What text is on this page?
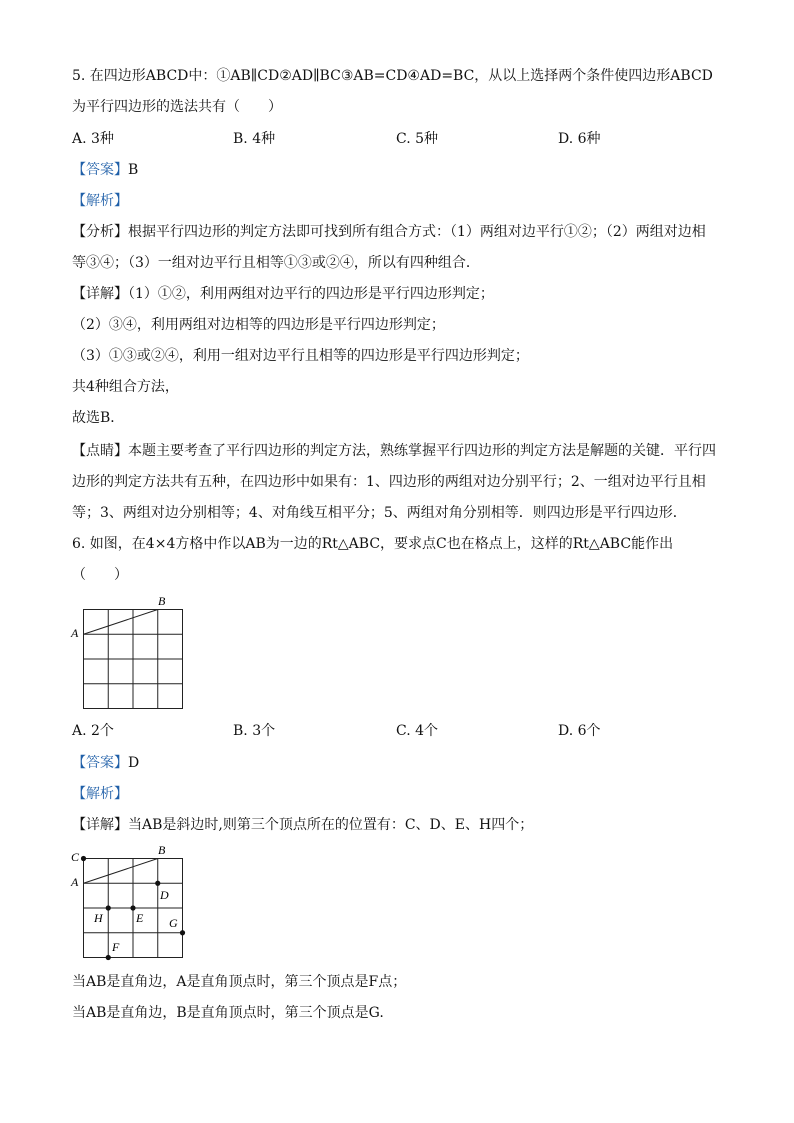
5. 在四边形ABCD中：①AB∥CD②AD∥BC③AB=CD④AD=BC，从以上选择两个条件使四边形ABCD
为平行四边形的选法共有（　　）
A. 3种	B. 4种	C. 5种	D. 6种
【答案】B
【解析】
【分析】根据平行四边形的判定方法即可找到所有组合方式：（1）两组对边平行①②；（2）两组对边相
等③④；（3）一组对边平行且相等①③或②④，所以有四种组合．
【详解】（1）①②，利用两组对边平行的四边形是平行四边形判定；
（2）③④，利用两组对边相等的四边形是平行四边形判定；
（3）①③或②④，利用一组对边平行且相等的四边形是平行四边形判定；
共4种组合方法，
故选B．
【点睛】本题主要考查了平行四边形的判定方法，熟练掌握平行四边形的判定方法是解题的关键．平行四
边形的判定方法共有五种，在四边形中如果有：1、四边形的两组对边分别平行；2、一组对边平行且相
等；3、两组对边分别相等；4、对角线互相平分；5、两组对角分别相等．则四边形是平行四边形．
6. 如图，在4×4方格中作以AB为一边的Rt△ABC，要求点C也在格点上，这样的Rt△ABC能作出
（　　）
B
A
A. 2个	B. 3个	C. 4个	D. 6个
【答案】D
【解析】
【详解】当AB是斜边时,则第三个顶点所在的位置有：C、D、E、H四个；
C	B
A
D
H	E G
F
当AB是直角边，A是直角顶点时，第三个顶点是F点；
当AB是直角边，B是直角顶点时，第三个顶点是G.
